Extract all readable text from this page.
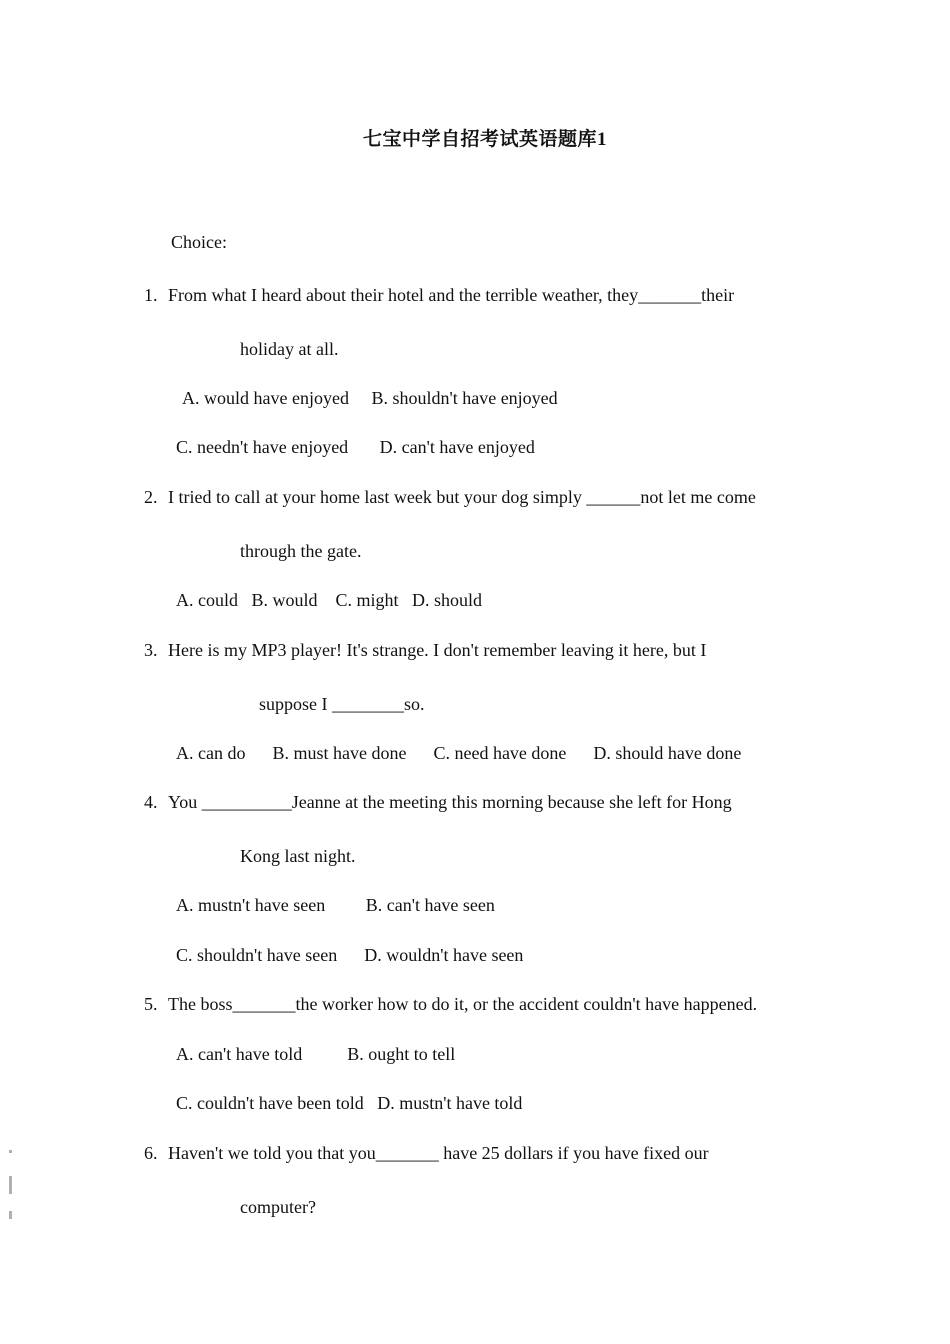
七宝中学自招考试英语题库1
Choice:
1. From what I heard about their hotel and the terrible weather, they_______their
holiday at all.
A. would have enjoyed     B. shouldn't have enjoyed
C. needn't have enjoyed       D. can't have enjoyed
2. I tried to call at your home last week but your dog simply ______not let me come
through the gate.
A. could   B. would    C. might   D. should
3. Here is my MP3 player! It's strange. I don't remember leaving it here, but I
suppose I ________so.
A. can do      B. must have done      C. need have done      D. should have done
4. You __________Jeanne at the meeting this morning because she left for Hong
Kong last night.
A. mustn't have seen         B. can't have seen
C. shouldn't have seen      D. wouldn't have seen
5. The boss_______the worker how to do it, or the accident couldn't have happened.
A. can't have told          B. ought to tell
C. couldn't have been told   D. mustn't have told
6. Haven't we told you that you_______ have 25 dollars if you have fixed our
computer?
